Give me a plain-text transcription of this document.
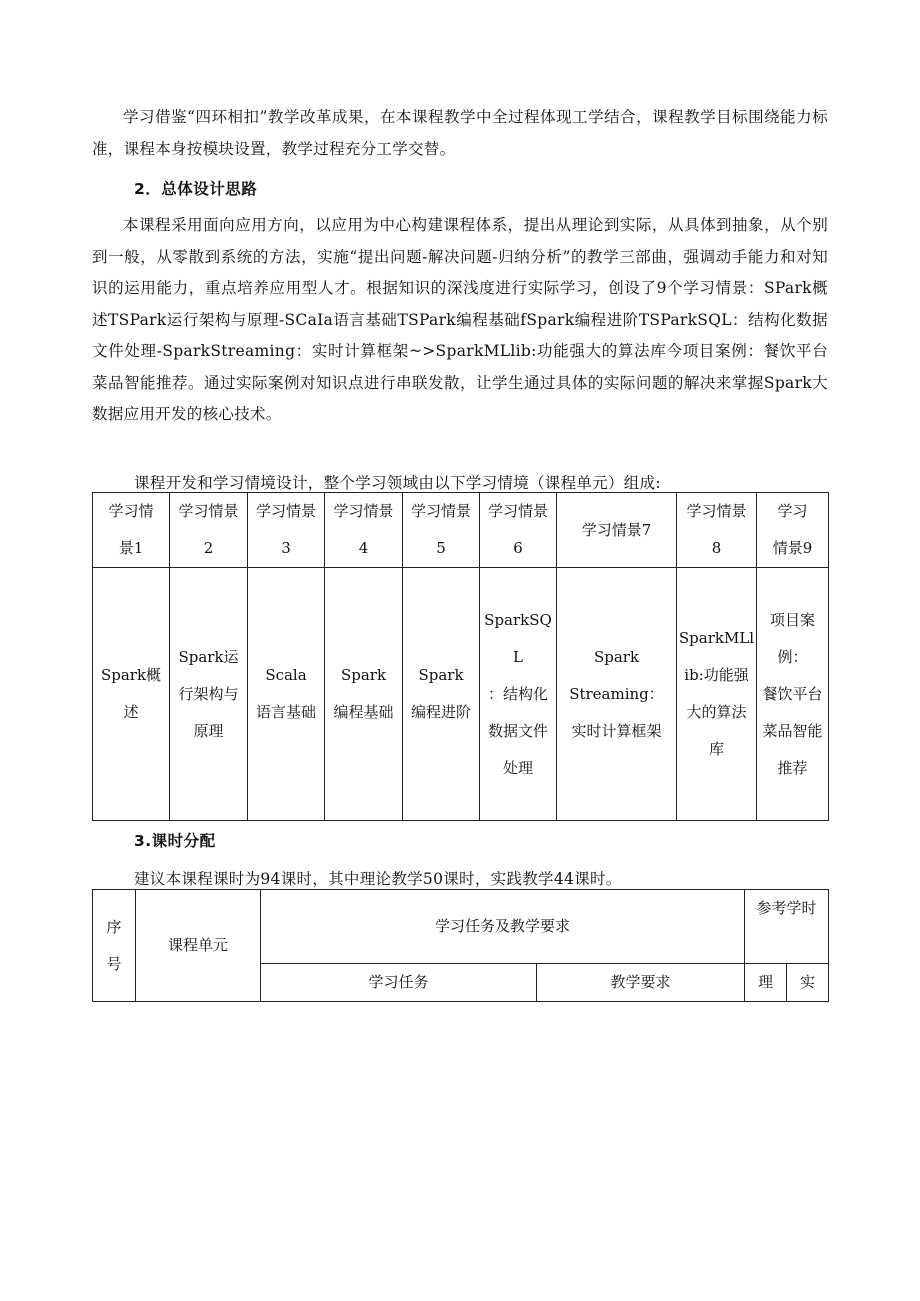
学习借鉴“四环相扣”教学改革成果，在本课程教学中全过程体现工学结合，课程教学目标围绕能力标准，课程本身按模块设置，教学过程充分工学交替。

2．总体设计思路

本课程采用面向应用方向，以应用为中心构建课程体系，提出从理论到实际，从具体到抽象，从个别到一般，从零散到系统的方法，实施“提出问题-解决问题-归纳分析”的教学三部曲，强调动手能力和对知识的运用能力，重点培养应用型人才。根据知识的深浅度进行实际学习，创设了9个学习情景：SPark概述TSPark运行架构与原理-SCaIa语言基础TSPark编程基础fSpark编程进阶TSParkSQL：结构化数据文件处理-SparkStreaming：实时计算框架~>SparkMLlib:功能强大的算法库今项目案例：餐饮平台菜品智能推荐。通过实际案例对知识点进行串联发散，让学生通过具体的实际问题的解决来掌握Spark大数据应用开发的核心技术。

课程开发和学习情境设计，整个学习领域由以下学习情境（课程单元）组成:

学习情
景1	学习情景
2	学习情景
3	学习情景
4	学习情景
5	学习情景
6	学习情景7	学习情景
8	学习
情景9

Spark概
述	Spark运
行架构与
原理	Scala
语言基础	Spark
编程基础	Spark
编程进阶	SparkSQL
：结构化
数据文件
处理	Spark
Streaming：
实时计算框架	SparkMLl
ib:功能强
大的算法
库	项目案
例：
餐饮平台
菜品智能
推荐

3.课时分配

建议本课程课时为94课时，其中理论教学50课时，实践教学44课时。

序
号	课程单元	学习任务及教学要求		参考学时	
		学习任务	教学要求	理	实
